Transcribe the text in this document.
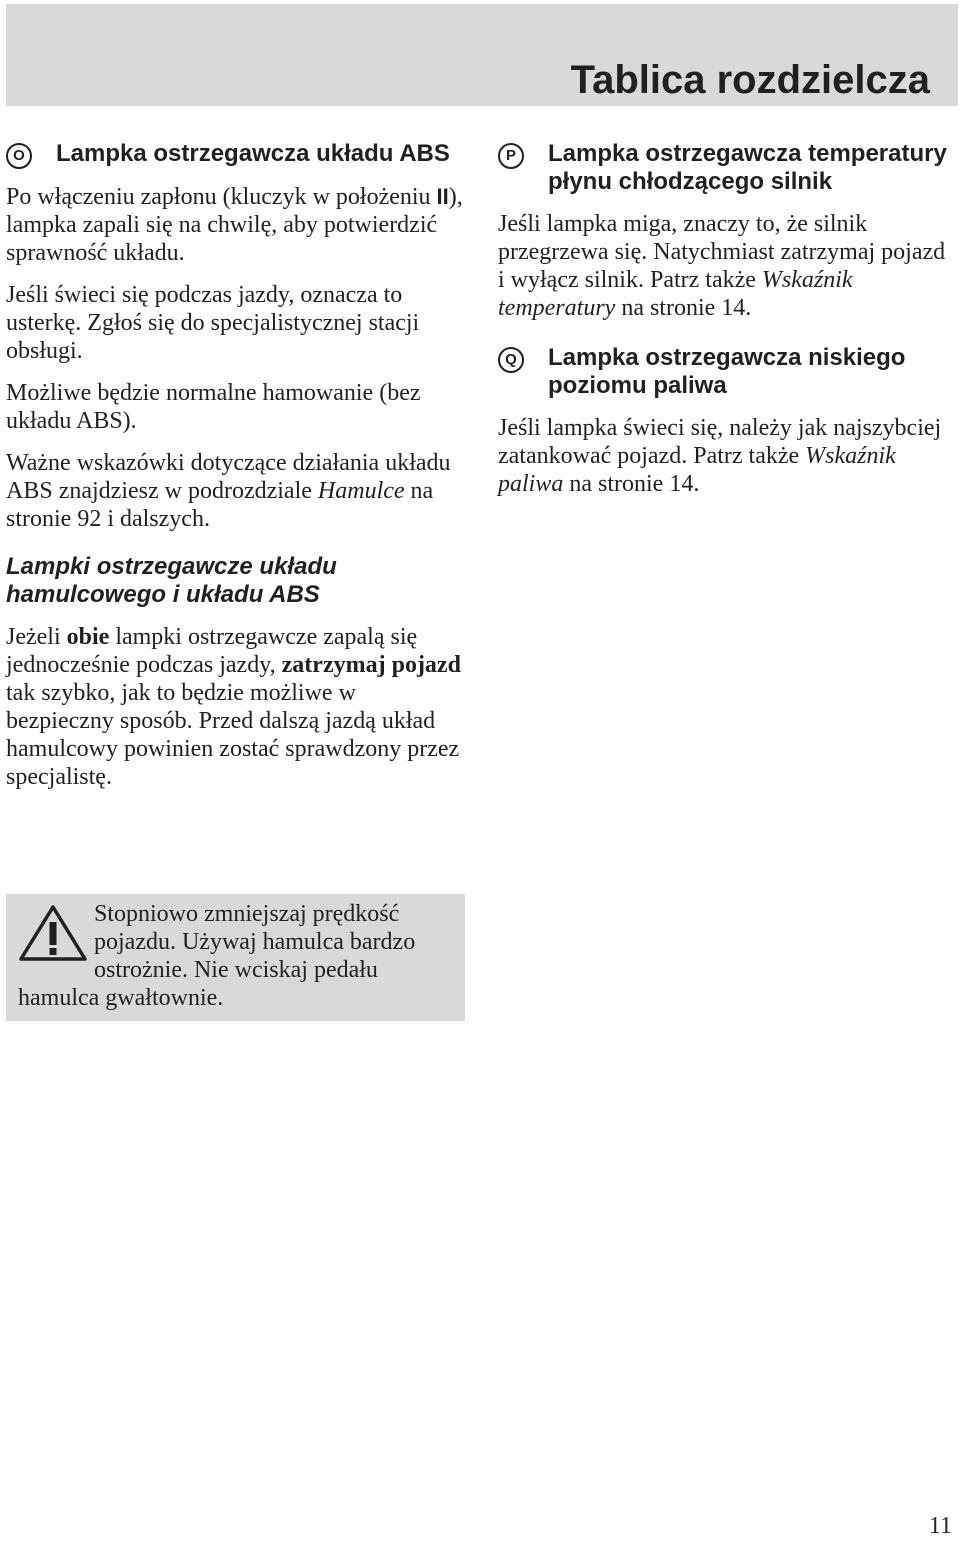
Tablica rozdzielcza
O Lampka ostrzegawcza układu ABS

Po włączeniu zapłonu (kluczyk w położeniu II), lampka zapali się na chwilę, aby potwierdzić sprawność układu.

Jeśli świeci się podczas jazdy, oznacza to usterkę. Zgłoś się do specjalistycznej stacji obsługi.

Możliwe będzie normalne hamowanie (bez układu ABS).

Ważne wskazówki dotyczące działania układu ABS znajdziesz w podrozdziale Hamulce na stronie 92 i dalszych.

Lampki ostrzegawcze układu hamulcowego i układu ABS

Jeżeli obie lampki ostrzegawcze zapalą się jednocześnie podczas jazdy, zatrzymaj pojazd tak szybko, jak to będzie możliwe w bezpieczny sposób. Przed dalszą jazdą układ hamulcowy powinien zostać sprawdzony przez specjalistę.

Stopniowo zmniejszaj prędkość pojazdu. Używaj hamulca bardzo ostrożnie. Nie wciskaj pedału hamulca gwałtownie.

P	Lampka ostrzegawcza temperatury płynu chłodzącego silnik

Jeśli lampka miga, znaczy to, że silnik przegrzewa się. Natychmiast zatrzymaj pojazd i wyłącz silnik. Patrz także Wskaźnik temperatury na stronie 14.

Q Lampka ostrzegawcza niskiego poziomu paliwa

Jeśli lampka świeci się, należy jak najszybciej zatankować pojazd. Patrz także Wskaźnik paliwa na stronie 14.

11
